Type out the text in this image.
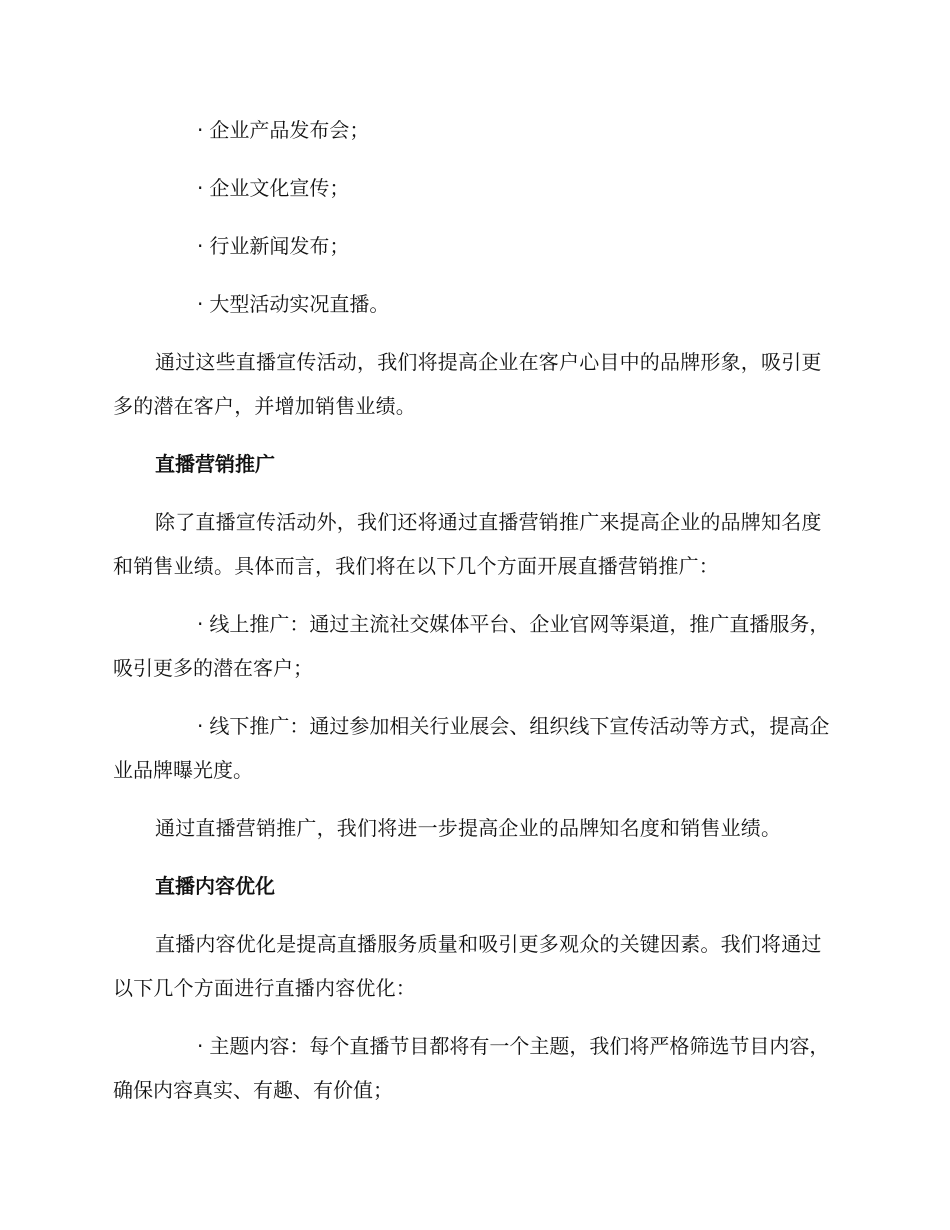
· 企业产品发布会；
· 企业文化宣传；
· 行业新闻发布；
· 大型活动实况直播。

通过这些直播宣传活动，我们将提高企业在客户心目中的品牌形象，吸引更多的潜在客户，并增加销售业绩。

直播营销推广

除了直播宣传活动外，我们还将通过直播营销推广来提高企业的品牌知名度和销售业绩。具体而言，我们将在以下几个方面开展直播营销推广：

· 线上推广：通过主流社交媒体平台、企业官网等渠道，推广直播服务，吸引更多的潜在客户；
· 线下推广：通过参加相关行业展会、组织线下宣传活动等方式，提高企业品牌曝光度。

通过直播营销推广，我们将进一步提高企业的品牌知名度和销售业绩。

直播内容优化

直播内容优化是提高直播服务质量和吸引更多观众的关键因素。我们将通过以下几个方面进行直播内容优化：

· 主题内容：每个直播节目都将有一个主题，我们将严格筛选节目内容，确保内容真实、有趣、有价值；
